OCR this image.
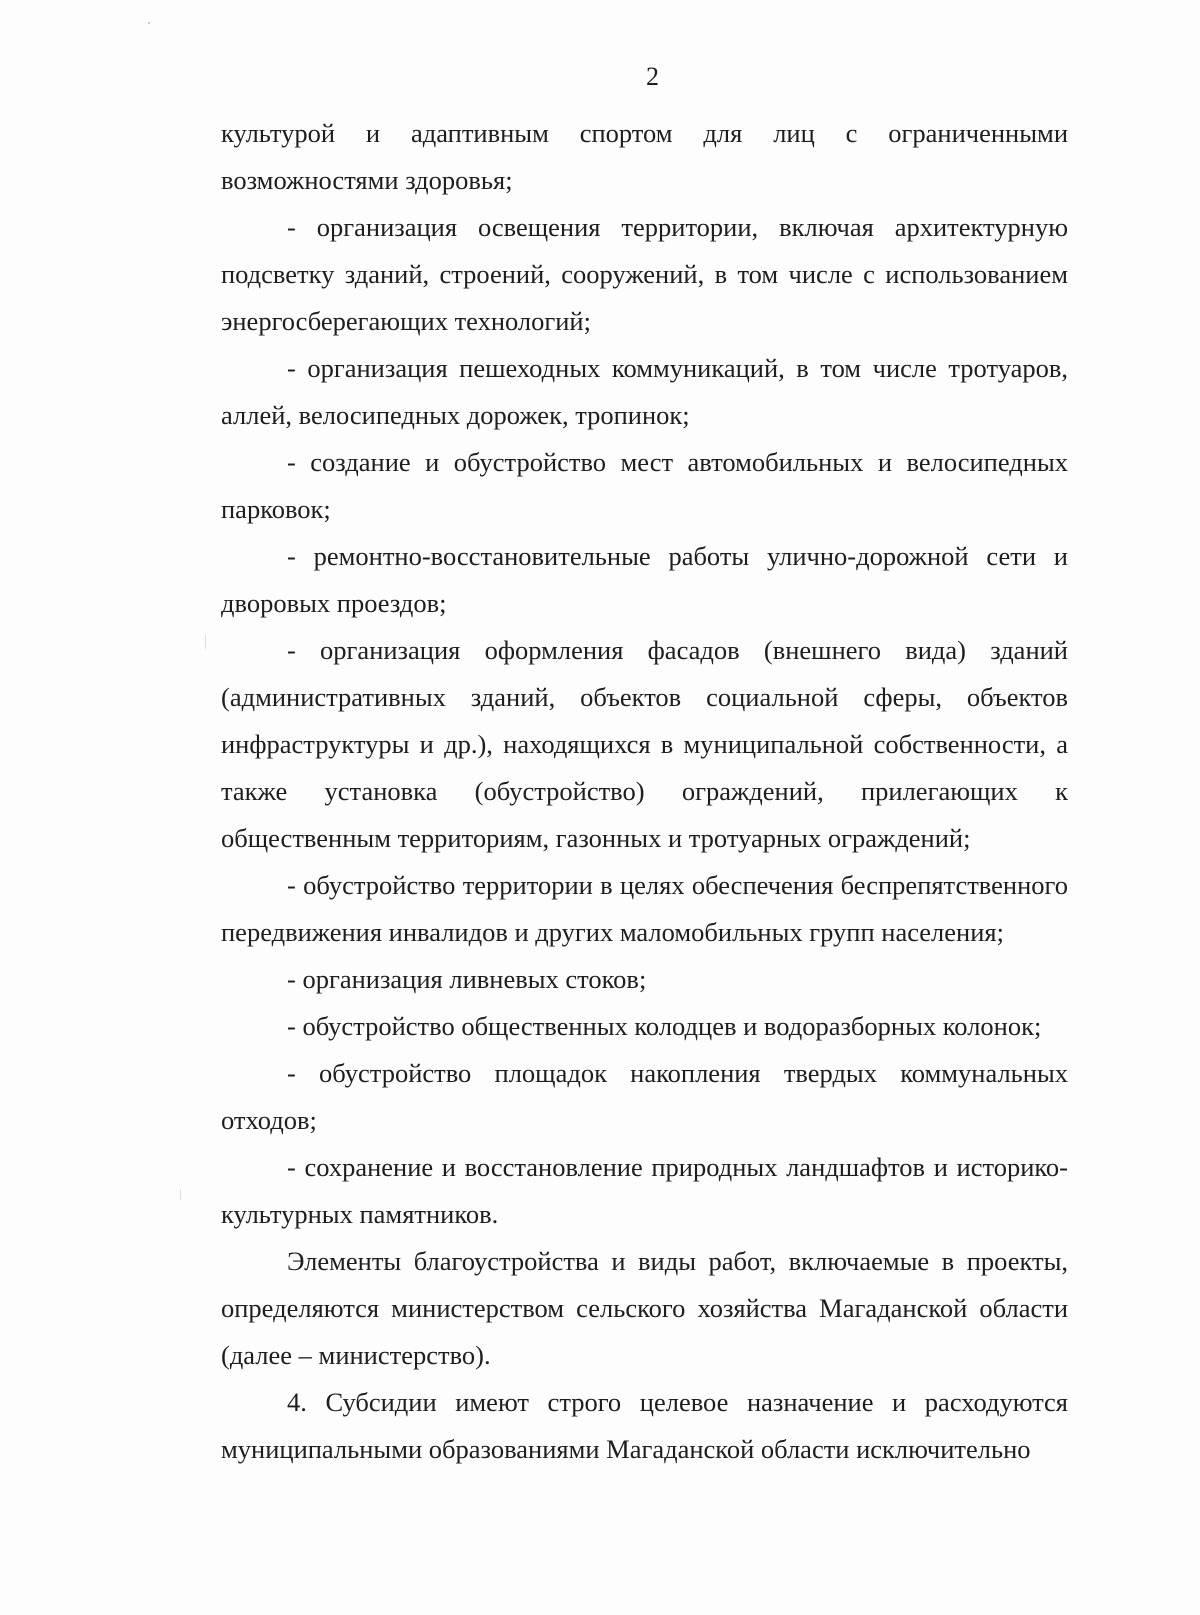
2

культурой и адаптивным спортом для лиц с ограниченными возможностями здоровья;

- организация освещения территории, включая архитектурную подсветку зданий, строений, сооружений, в том числе с использованием энергосберегающих технологий;

- организация пешеходных коммуникаций, в том числе тротуаров, аллей, велосипедных дорожек, тропинок;

- создание и обустройство мест автомобильных и велосипедных парковок;

- ремонтно-восстановительные работы улично-дорожной сети и дворовых проездов;

- организация оформления фасадов (внешнего вида) зданий (административных зданий, объектов социальной сферы, объектов инфраструктуры и др.), находящихся в муниципальной собственности, а также установка (обустройство) ограждений, прилегающих к общественным территориям, газонных и тротуарных ограждений;

- обустройство территории в целях обеспечения беспрепятственного передвижения инвалидов и других маломобильных групп населения;

- организация ливневых стоков;

- обустройство общественных колодцев и водоразборных колонок;

- обустройство площадок накопления твердых коммунальных отходов;

- сохранение и восстановление природных ландшафтов и историко-культурных памятников.

Элементы благоустройства и виды работ, включаемые в проекты, определяются министерством сельского хозяйства Магаданской области (далее – министерство).

4. Субсидии имеют строго целевое назначение и расходуются муниципальными образованиями Магаданской области исключительно
